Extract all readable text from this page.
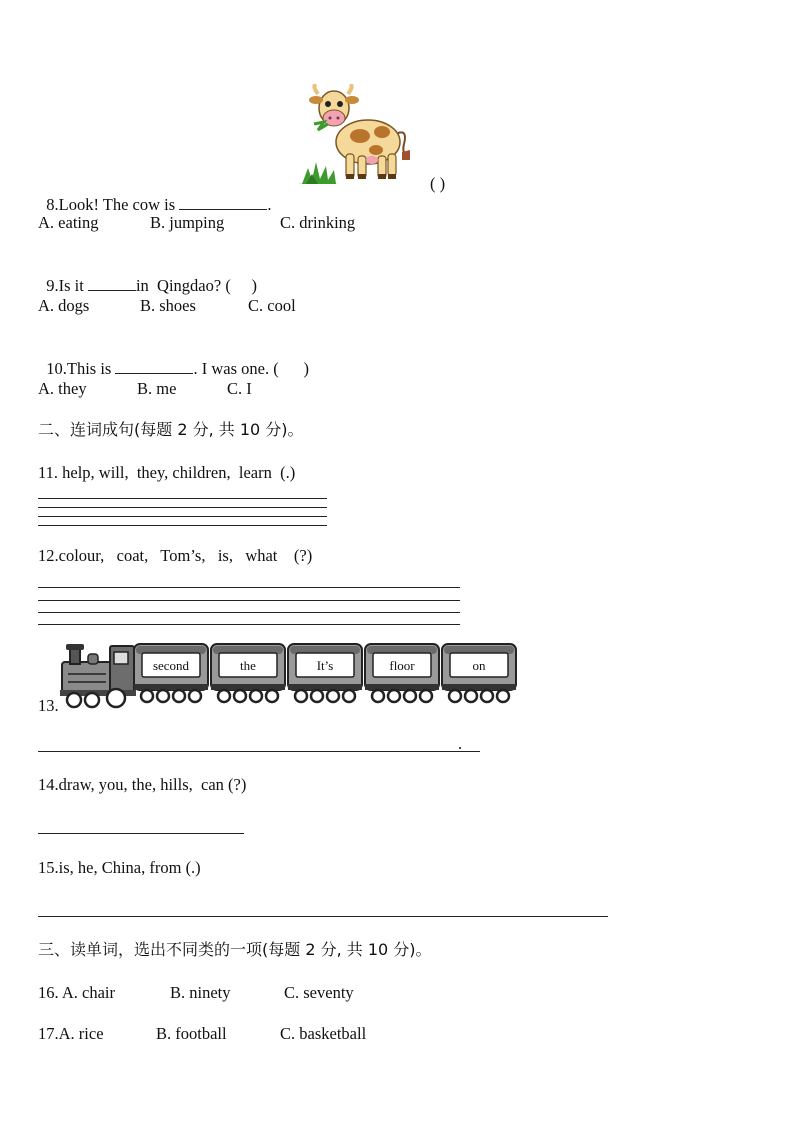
8.Look! The cow is	.

( )
A. eating	B. jumping	C. drinking

9.Is it	in  Qingdao? (     )

A. dogs	B. shoes	C. cool

10.This is	. I was one. (      )

A. they	B. me	C. I
二、连词成句(每题 2 分, 共 10 分)。
11. help, will,  they, children,  learn  (.)
12.colour,   coat,   Tom’s,   is,   what    (?)
13.
second	the	It’s	floor	on
.
14.draw, you, the, hills,  can (?)
15.is, he, China, from (.)
三、读单词，选出不同类的一项(每题 2 分, 共 10 分)。
16. A. chair	B. ninety	C. seventy
17.A. rice	B. football	C. basketball
